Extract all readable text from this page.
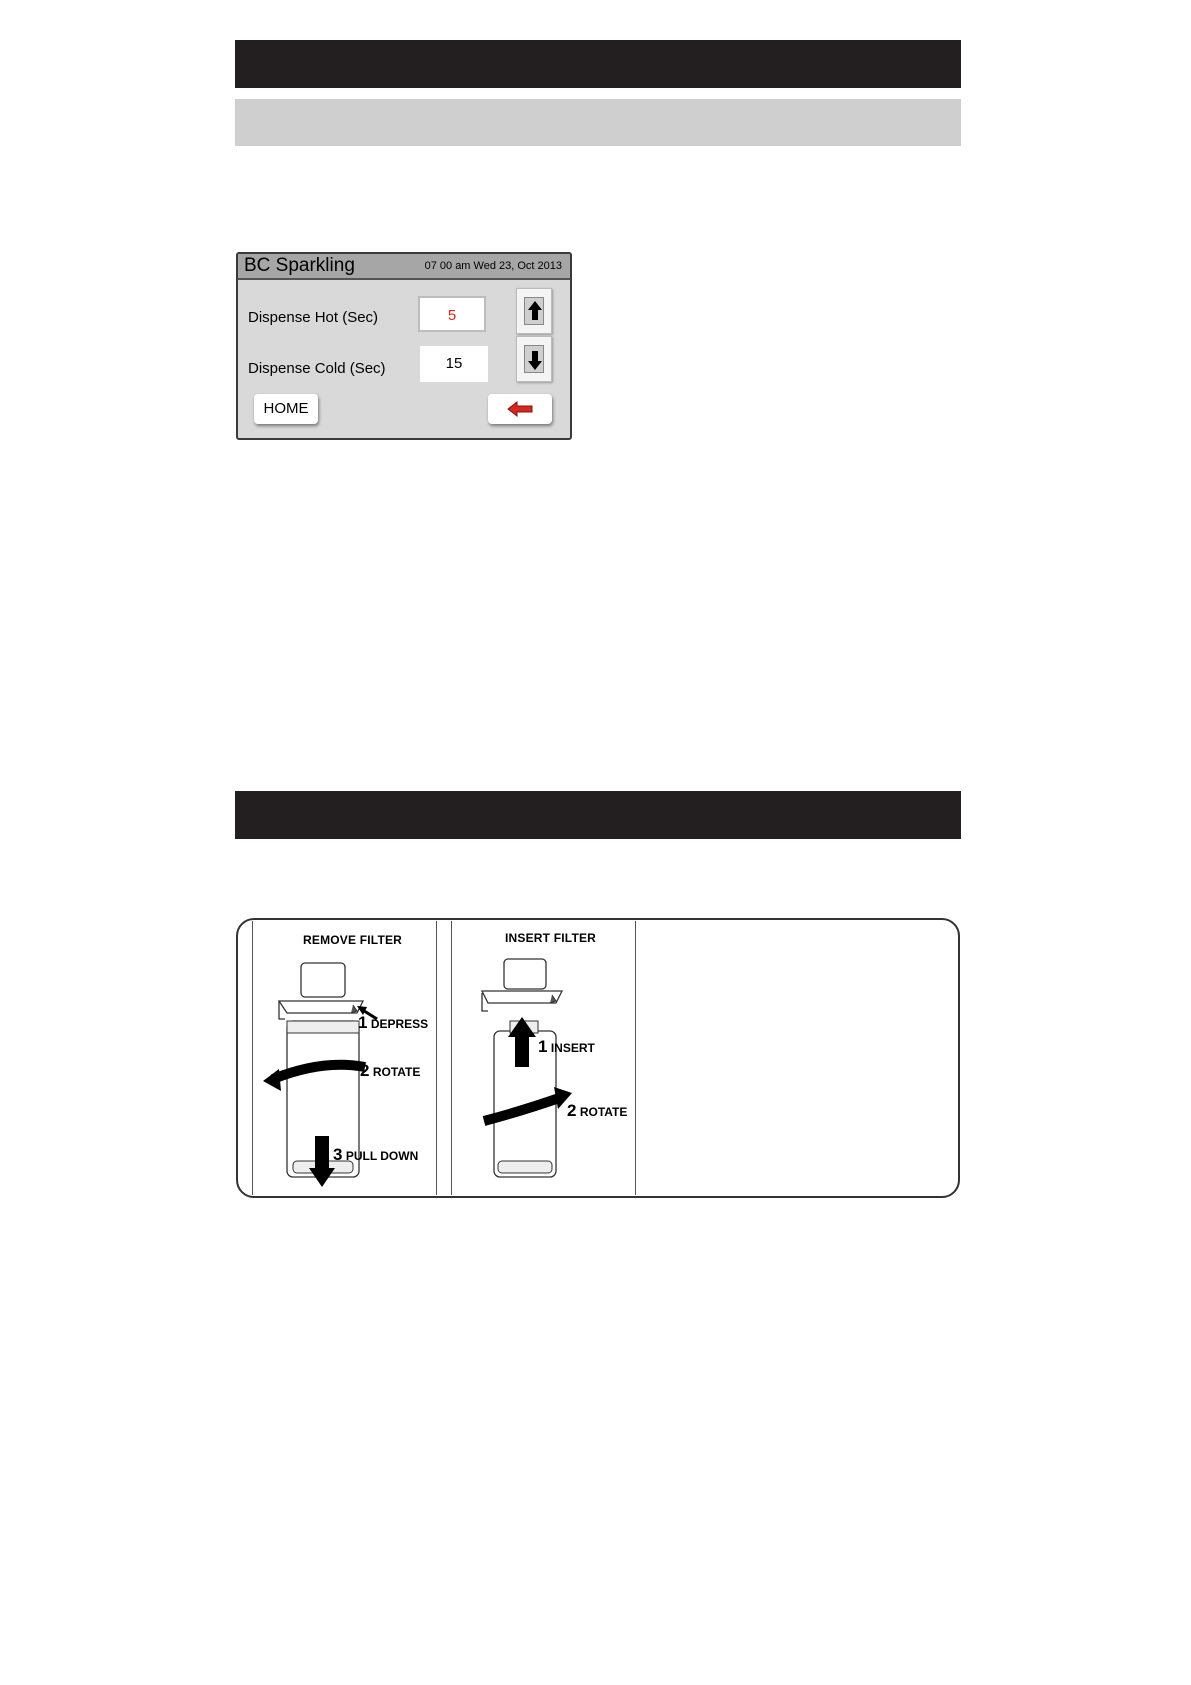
BC Sparkling	07 00 am Wed 23, Oct 2013
Dispense Hot (Sec)	5
Dispense Cold (Sec)	15
HOME
REMOVE FILTER
1 DEPRESS
2 ROTATE
3 PULL DOWN
INSERT FILTER
1 INSERT
2 ROTATE
